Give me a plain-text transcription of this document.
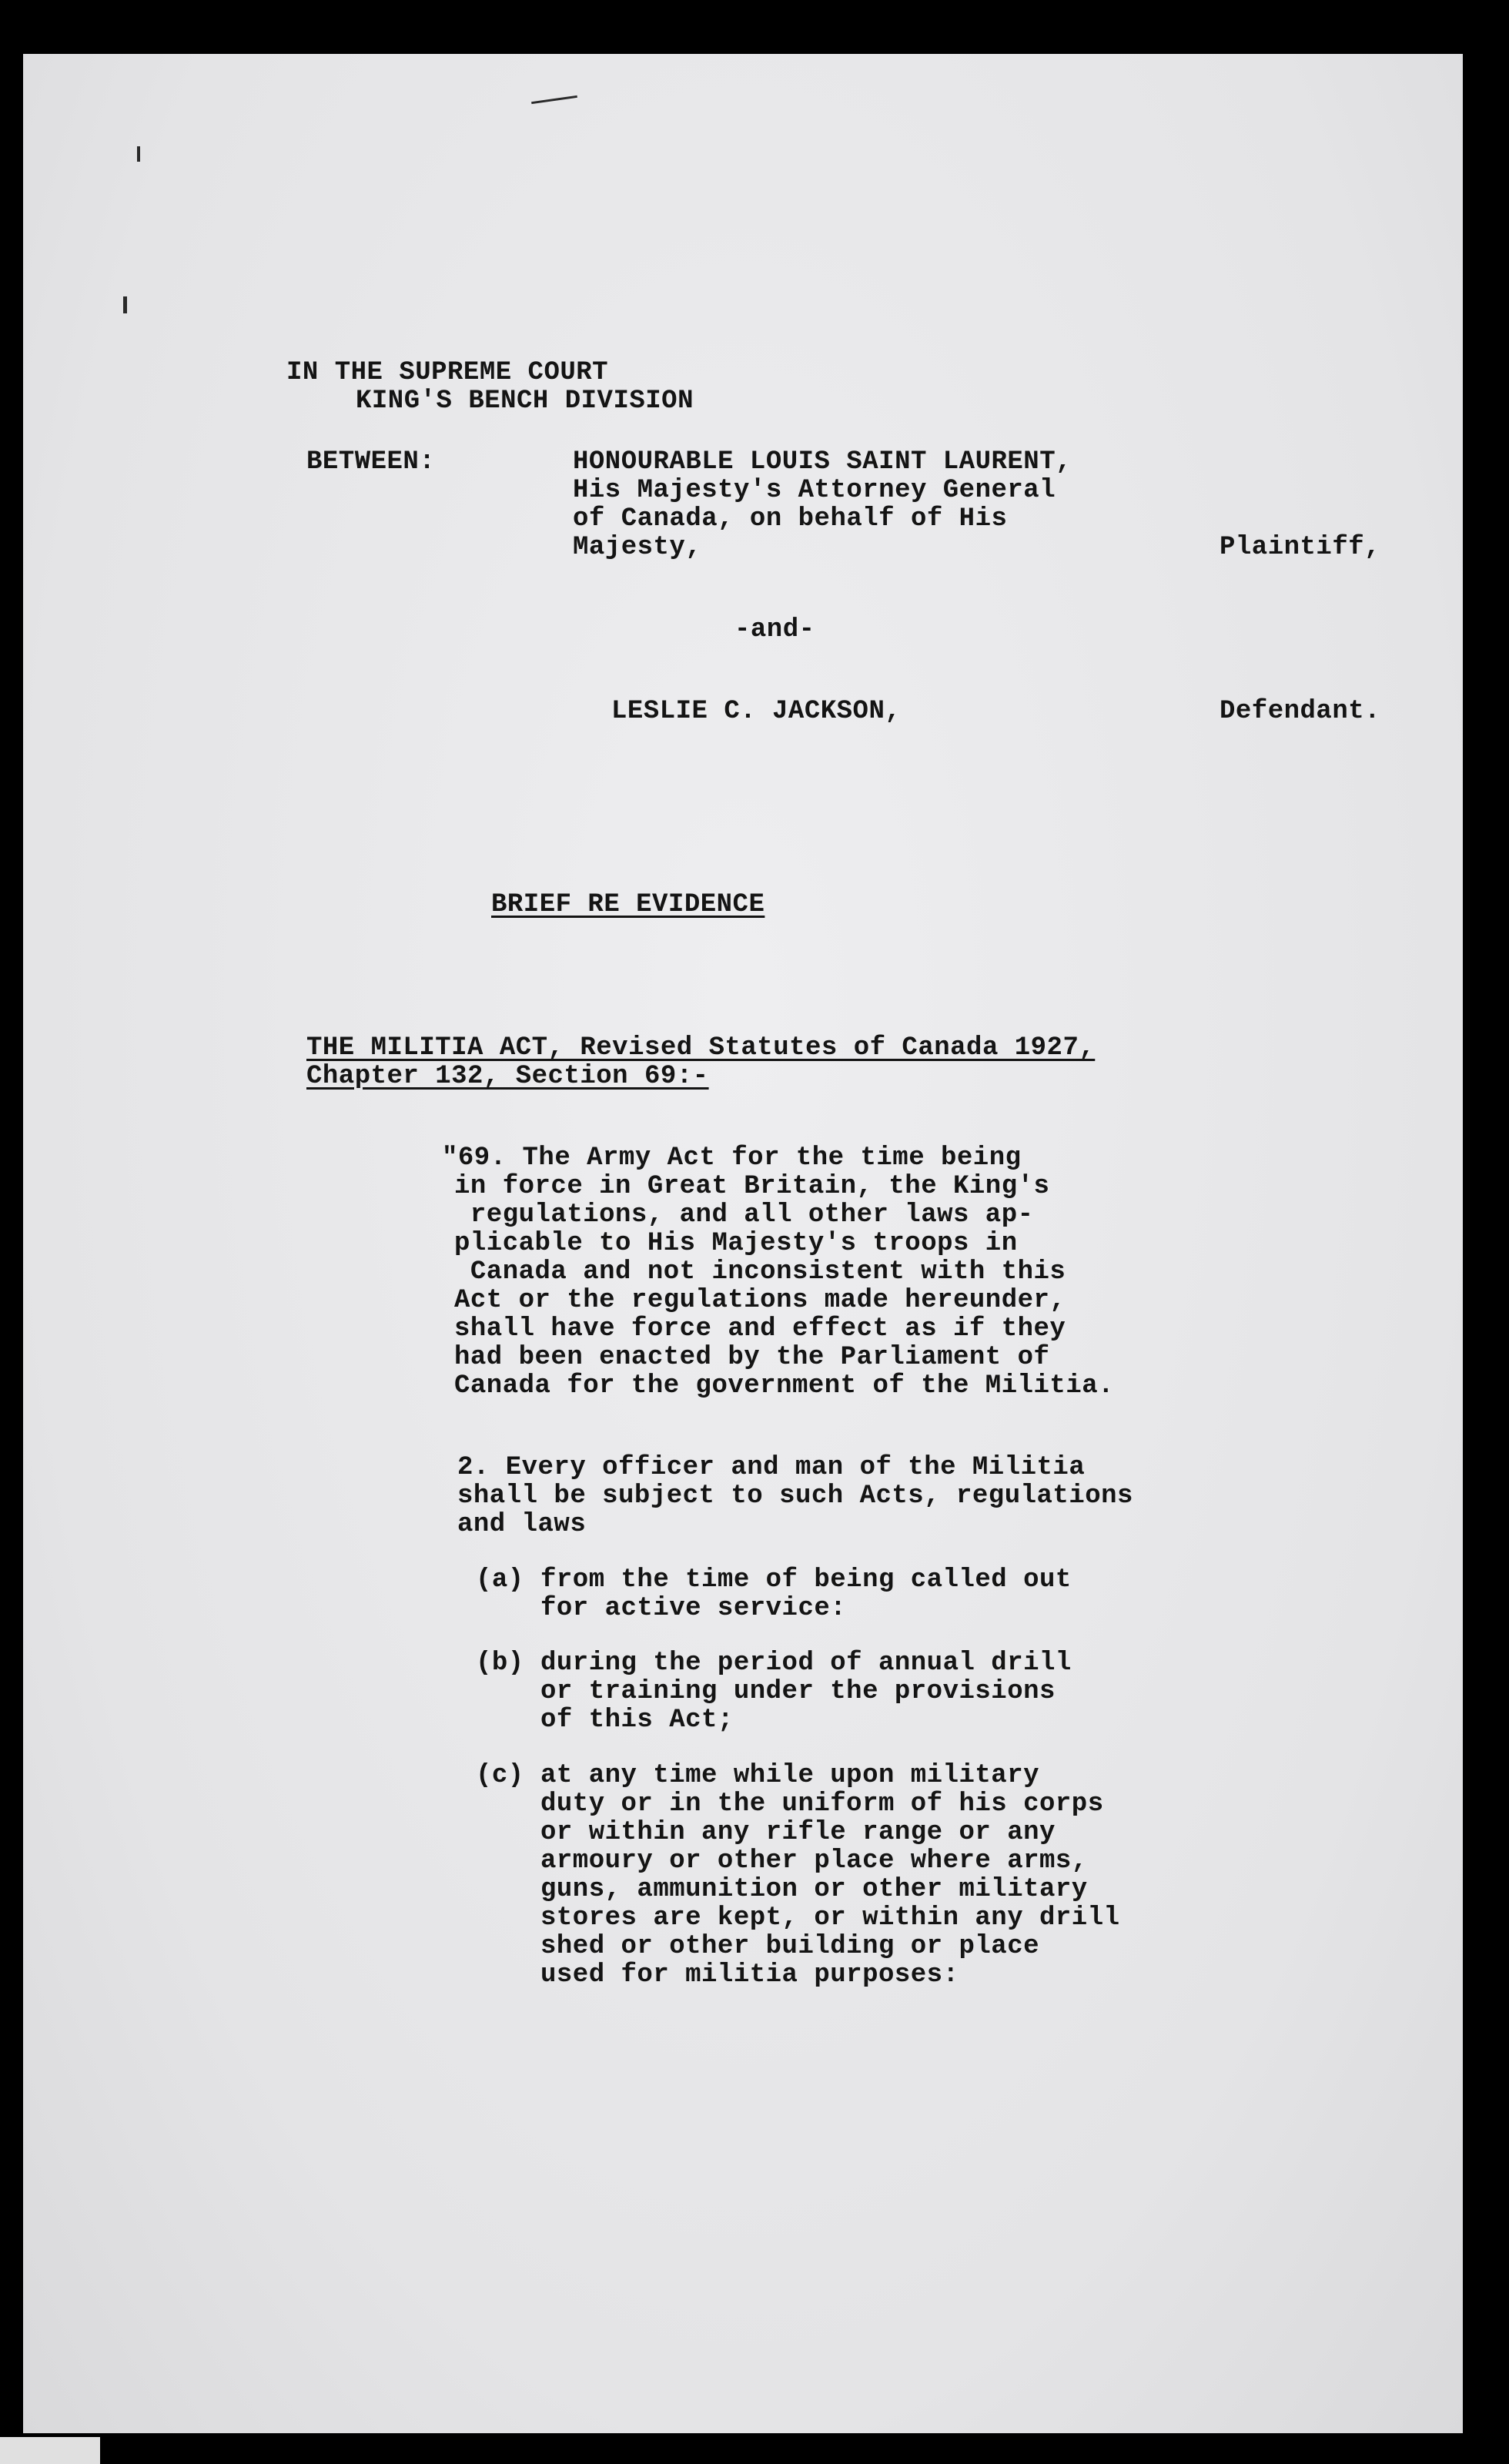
IN THE SUPREME COURT
KING'S BENCH DIVISION
BETWEEN:	HONOURABLE LOUIS SAINT LAURENT,
His Majesty's Attorney General
of Canada, on behalf of His
Majesty,	Plaintiff,
-and-
LESLIE C. JACKSON,	Defendant.
BRIEF RE EVIDENCE
THE MILITIA ACT, Revised Statutes of Canada 1927,
Chapter 132, Section 69:-
"69. The Army Act for the time being
in force in Great Britain, the King's
regulations, and all other laws ap-
plicable to His Majesty's troops in
Canada and not inconsistent with this
Act or the regulations made hereunder,
shall have force and effect as if they
had been enacted by the Parliament of
Canada for the government of the Militia.
2. Every officer and man of the Militia
shall be subject to such Acts, regulations
and laws
(a) from the time of being called out
for active service:
(b) during the period of annual drill
or training under the provisions
of this Act;
(c) at any time while upon military
duty or in the uniform of his corps
or within any rifle range or any
armoury or other place where arms,
guns, ammunition or other military
stores are kept, or within any drill
shed or other building or place
used for militia purposes:
